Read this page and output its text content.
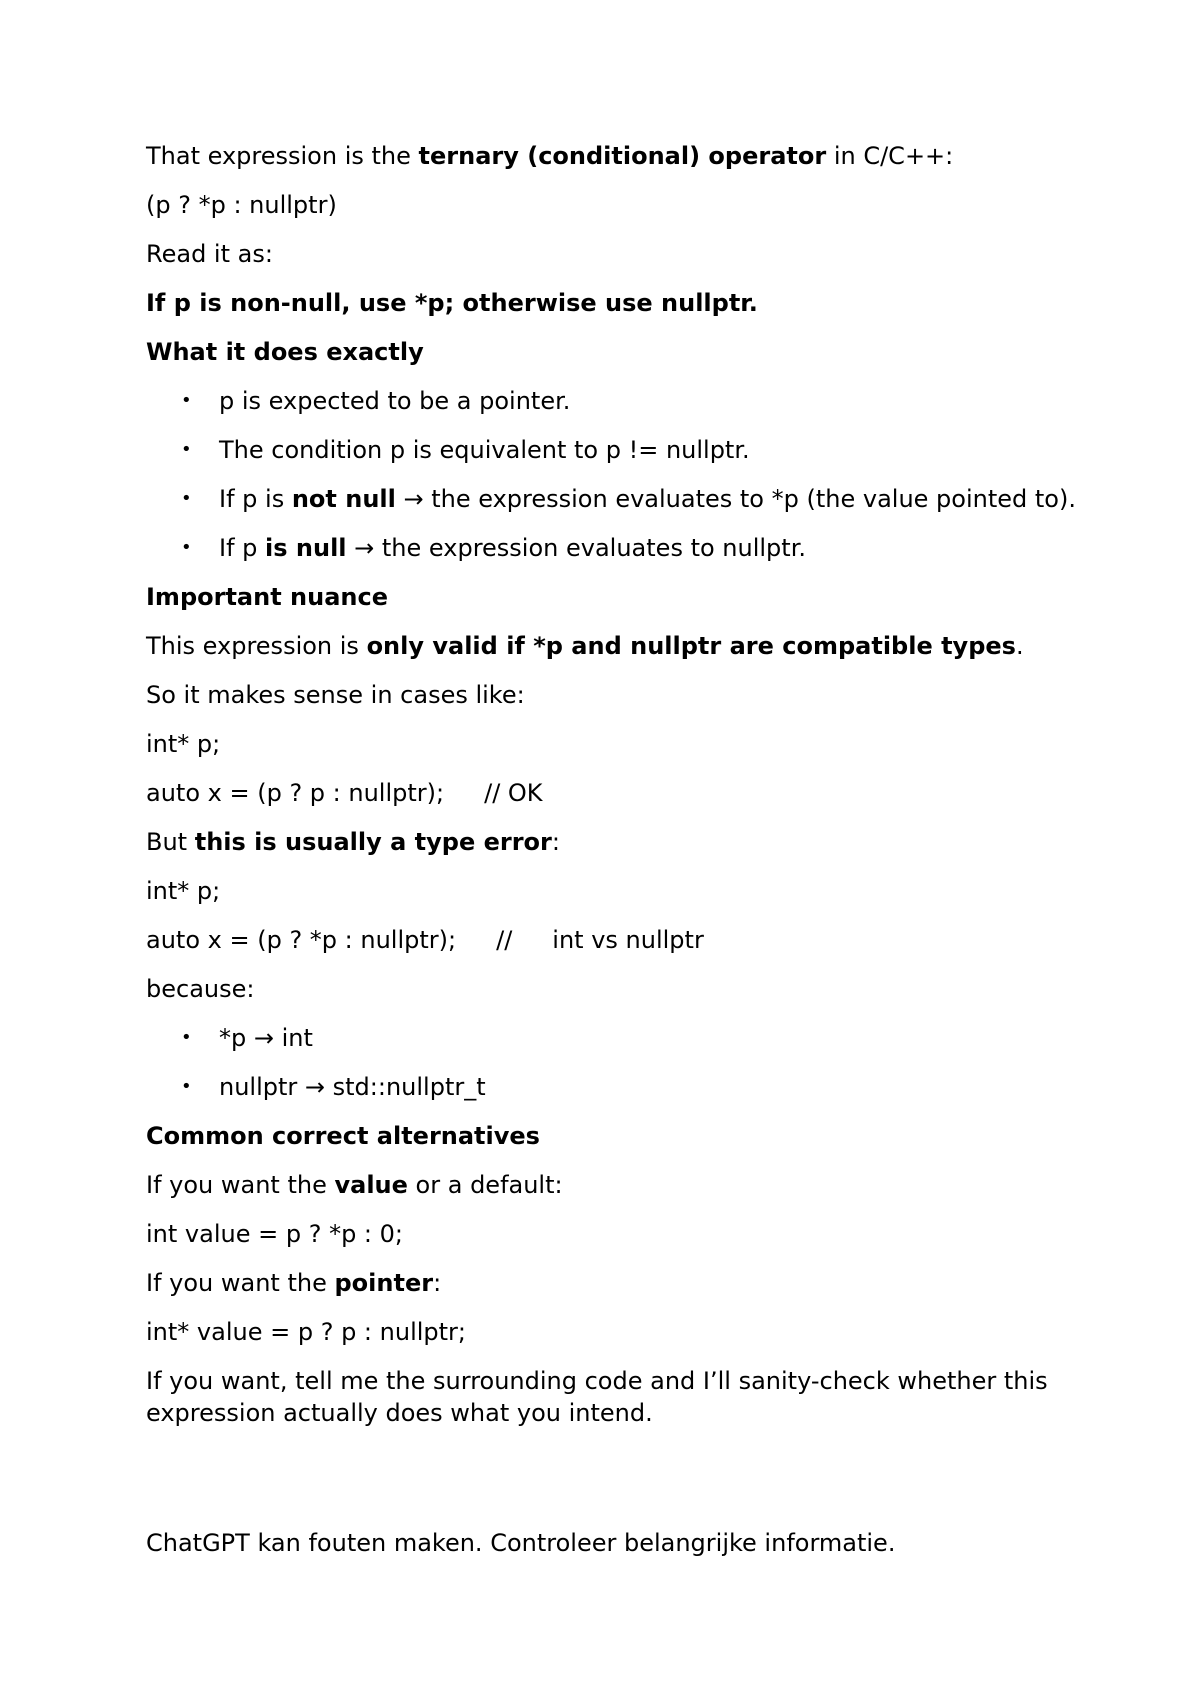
That expression is the ternary (conditional) operator in C/C++:

(p ? *p : nullptr)

Read it as:

If p is non-null, use *p; otherwise use nullptr.

What it does exactly

• p is expected to be a pointer.
• The condition p is equivalent to p != nullptr.
• If p is not null → the expression evaluates to *p (the value pointed to).
• If p is null → the expression evaluates to nullptr.

Important nuance

This expression is only valid if *p and nullptr are compatible types.

So it makes sense in cases like:

int* p;

auto x = (p ? p : nullptr); // OK

But this is usually a type error:

int* p;

auto x = (p ? *p : nullptr); // int vs nullptr

because:

• *p → int
• nullptr → std::nullptr_t

Common correct alternatives

If you want the value or a default:

int value = p ? *p : 0;

If you want the pointer:

int* value = p ? p : nullptr;

If you want, tell me the surrounding code and I’ll sanity-check whether this expression actually does what you intend.

ChatGPT kan fouten maken. Controleer belangrijke informatie.
